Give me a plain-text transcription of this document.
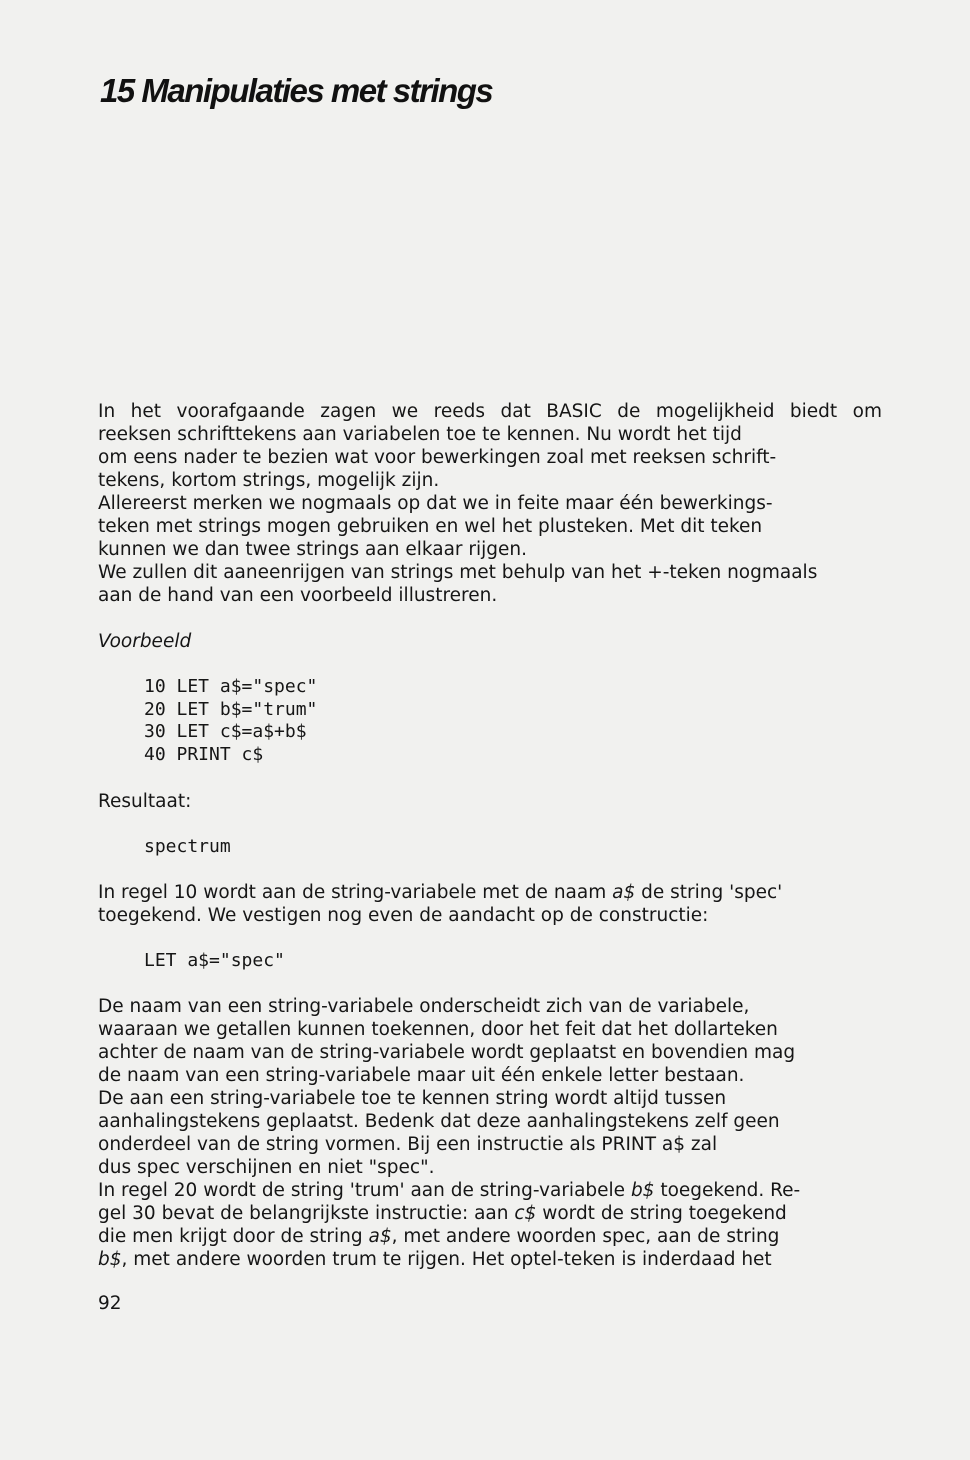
15 Manipulaties met strings

In het voorafgaande zagen we reeds dat BASIC de mogelijkheid biedt om
reeksen schrifttekens aan variabelen toe te kennen. Nu wordt het tijd
om eens nader te bezien wat voor bewerkingen zoal met reeksen schrift-
tekens, kortom strings, mogelijk zijn.
Allereerst merken we nogmaals op dat we in feite maar één bewerkings-
teken met strings mogen gebruiken en wel het plusteken. Met dit teken
kunnen we dan twee strings aan elkaar rijgen.
We zullen dit aaneenrijgen van strings met behulp van het +-teken nogmaals
aan de hand van een voorbeeld illustreren.

Voorbeeld

10 LET a$="spec"
20 LET b$="trum"
30 LET c$=a$+b$
40 PRINT c$

Resultaat:

spectrum

In regel 10 wordt aan de string-variabele met de naam a$ de string 'spec'
toegekend. We vestigen nog even de aandacht op de constructie:

LET a$="spec"

De naam van een string-variabele onderscheidt zich van de variabele,
waaraan we getallen kunnen toekennen, door het feit dat het dollarteken
achter de naam van de string-variabele wordt geplaatst en bovendien mag
de naam van een string-variabele maar uit één enkele letter bestaan.
De aan een string-variabele toe te kennen string wordt altijd tussen
aanhalingstekens geplaatst. Bedenk dat deze aanhalingstekens zelf geen
onderdeel van de string vormen. Bij een instructie als PRINT a$ zal
dus spec verschijnen en niet "spec".

In regel 20 wordt de string 'trum' aan de string-variabele b$ toegekend. Re-
gel 30 bevat de belangrijkste instructie: aan c$ wordt de string toegekend
die men krijgt door de string a$, met andere woorden spec, aan de string
b$, met andere woorden trum te rijgen. Het optel-teken is inderdaad het

92
